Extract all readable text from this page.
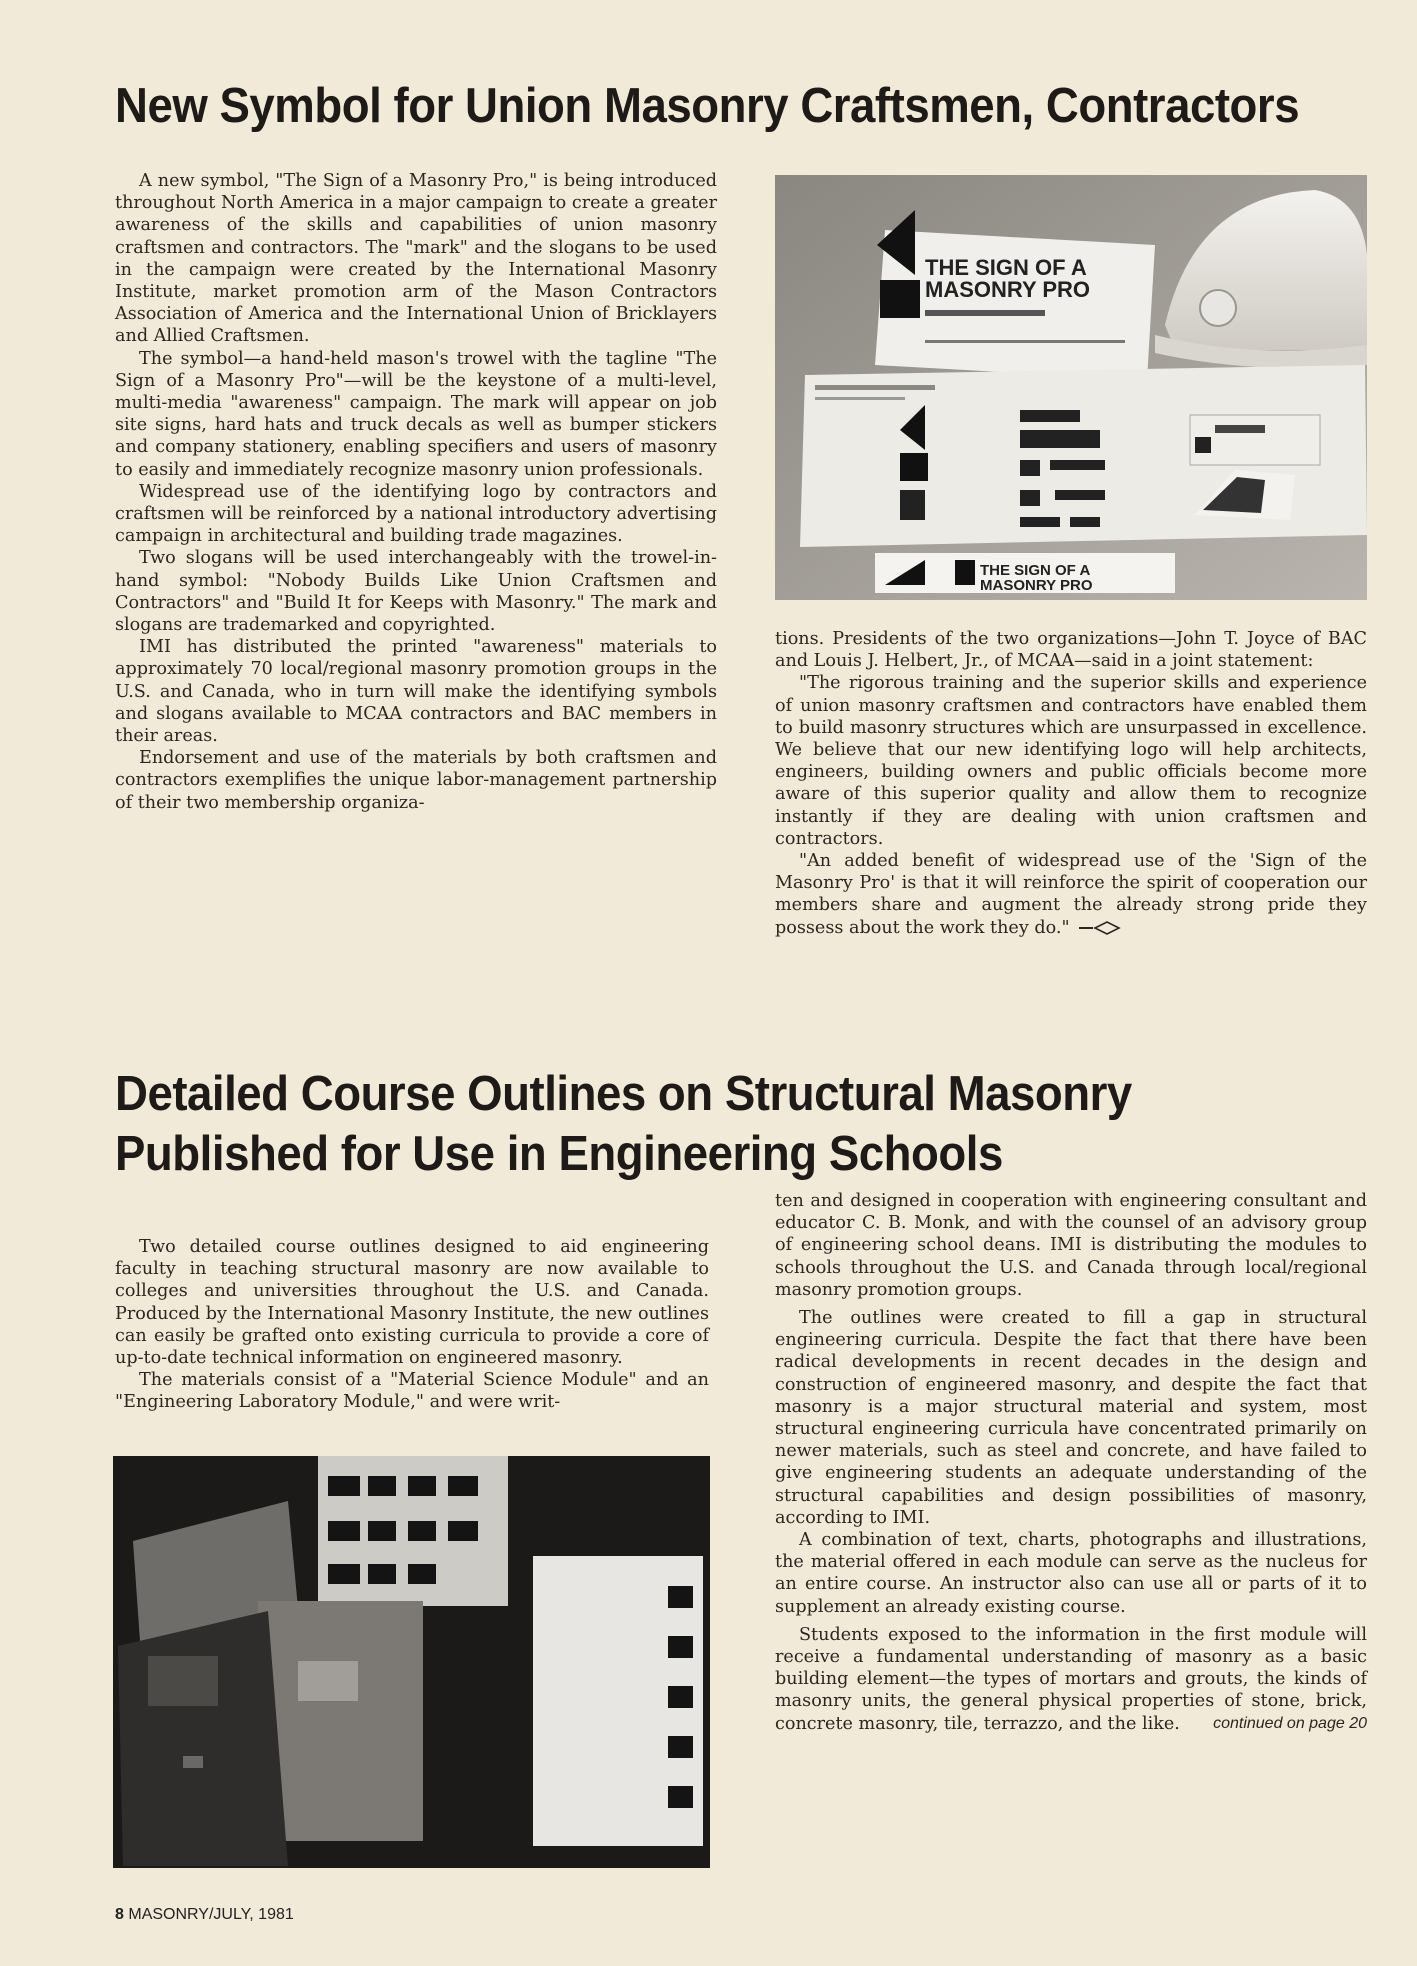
New Symbol for Union Masonry Craftsmen, Contractors

A new symbol, "The Sign of a Masonry Pro," is being introduced throughout North America in a major campaign to create a greater awareness of the skills and capabilities of union masonry craftsmen and contractors. The "mark" and the slogans to be used in the campaign were created by the International Masonry Institute, market promotion arm of the Mason Contractors Association of America and the International Union of Bricklayers and Allied Craftsmen.

The symbol—a hand-held mason's trowel with the tagline "The Sign of a Masonry Pro"—will be the keystone of a multi-level, multi-media "awareness" campaign. The mark will appear on job site signs, hard hats and truck decals as well as bumper stickers and company stationery, enabling specifiers and users of masonry to easily and immediately recognize masonry union professionals.

Widespread use of the identifying logo by contractors and craftsmen will be reinforced by a national introductory advertising campaign in architectural and building trade magazines.

Two slogans will be used interchangeably with the trowel-in-hand symbol: "Nobody Builds Like Union Craftsmen and Contractors" and "Build It for Keeps with Masonry." The mark and slogans are trademarked and copyrighted.

IMI has distributed the printed "awareness" materials to approximately 70 local/regional masonry promotion groups in the U.S. and Canada, who in turn will make the identifying symbols and slogans available to MCAA contractors and BAC members in their areas.

Endorsement and use of the materials by both craftsmen and contractors exemplifies the unique labor-management partnership of their two membership organiza-

THE SIGN OF A
MASONRY PRO
THE SIGN OF A
MASONRY PRO

tions. Presidents of the two organizations—John T. Joyce of BAC and Louis J. Helbert, Jr., of MCAA—said in a joint statement:

"The rigorous training and the superior skills and experience of union masonry craftsmen and contractors have enabled them to build masonry structures which are unsurpassed in excellence. We believe that our new identifying logo will help architects, engineers, building owners and public officials become more aware of this superior quality and allow them to recognize instantly if they are dealing with union craftsmen and contractors.

"An added benefit of widespread use of the 'Sign of the Masonry Pro' is that it will reinforce the spirit of cooperation our members share and augment the already strong pride they possess about the work they do."

Detailed Course Outlines on Structural Masonry
Published for Use in Engineering Schools

Two detailed course outlines designed to aid engineering faculty in teaching structural masonry are now available to colleges and universities throughout the U.S. and Canada. Produced by the International Masonry Institute, the new outlines can easily be grafted onto existing curricula to provide a core of up-to-date technical information on engineered masonry.

The materials consist of a "Material Science Module" and an "Engineering Laboratory Module," and were writ-

ten and designed in cooperation with engineering consultant and educator C. B. Monk, and with the counsel of an advisory group of engineering school deans. IMI is distributing the modules to schools throughout the U.S. and Canada through local/regional masonry promotion groups.

The outlines were created to fill a gap in structural engineering curricula. Despite the fact that there have been radical developments in recent decades in the design and construction of engineered masonry, and despite the fact that masonry is a major structural material and system, most structural engineering curricula have concentrated primarily on newer materials, such as steel and concrete, and have failed to give engineering students an adequate understanding of the structural capabilities and design possibilities of masonry, according to IMI.

A combination of text, charts, photographs and illustrations, the material offered in each module can serve as the nucleus for an entire course. An instructor also can use all or parts of it to supplement an already existing course.

Students exposed to the information in the first module will receive a fundamental understanding of masonry as a basic building element—the types of mortars and grouts, the kinds of masonry units, the general physical properties of stone, brick, concrete masonry, tile, terrazzo, and the like.	continued on page 20

8 MASONRY/JULY, 1981
